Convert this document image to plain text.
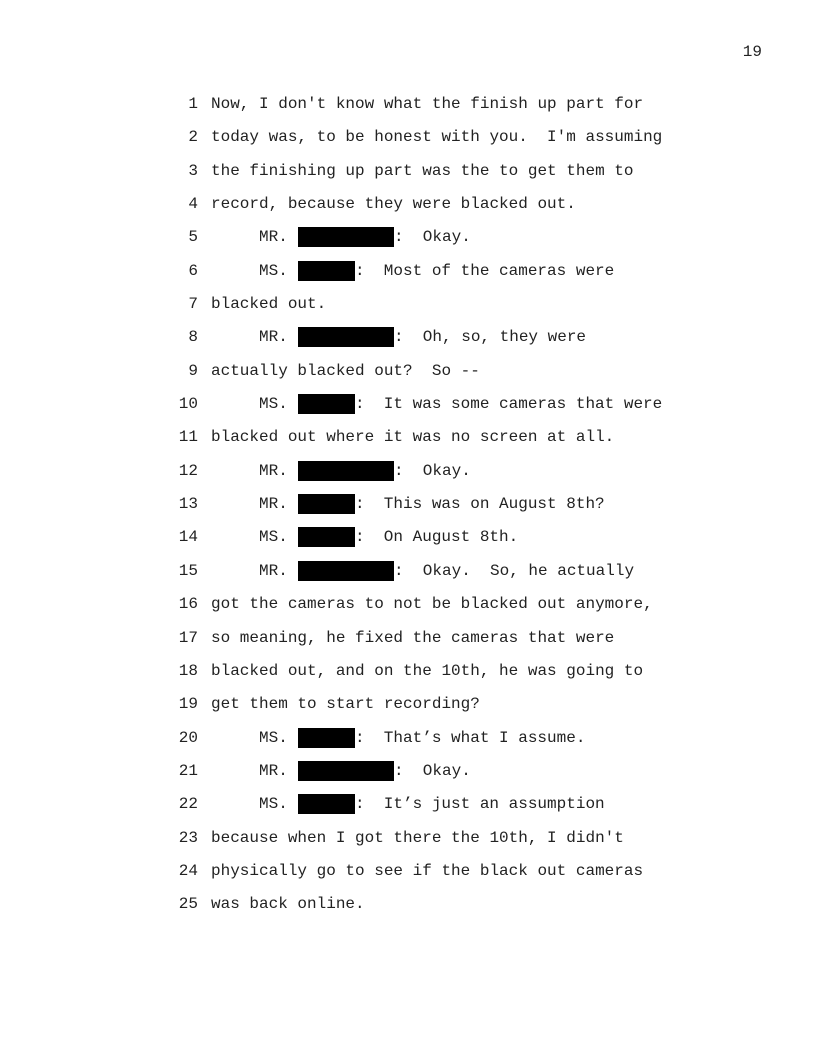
19

1

Now, I don't know what the finish up part for

2

today was, to be honest with you.  I'm assuming

3

the finishing up part was the to get them to

4

record, because they were blacked out.

5

	MR.

	:  Okay.

6

	MS.

	:  Most of the cameras were

7

blacked out.

8

	MR.

	:  Oh, so, they were

9

actually blacked out?  So --

10

	MS.

	:  It was some cameras that were

11

blacked out where it was no screen at all.

12

	MR.

	:  Okay.

13

	MR.

	:  This was on August 8th?

14

	MS.

	:  On August 8th.

15

	MR.

	:  Okay.  So, he actually

16

got the cameras to not be blacked out anymore,

17

so meaning, he fixed the cameras that were

18

blacked out, and on the 10th, he was going to

19

get them to start recording?

20

	MS.

	:  That’s what I assume.

21

	MR.

	:  Okay.

22

	MS.

	:  It’s just an assumption

23

because when I got there the 10th, I didn't

24

physically go to see if the black out cameras

25

was back online.
